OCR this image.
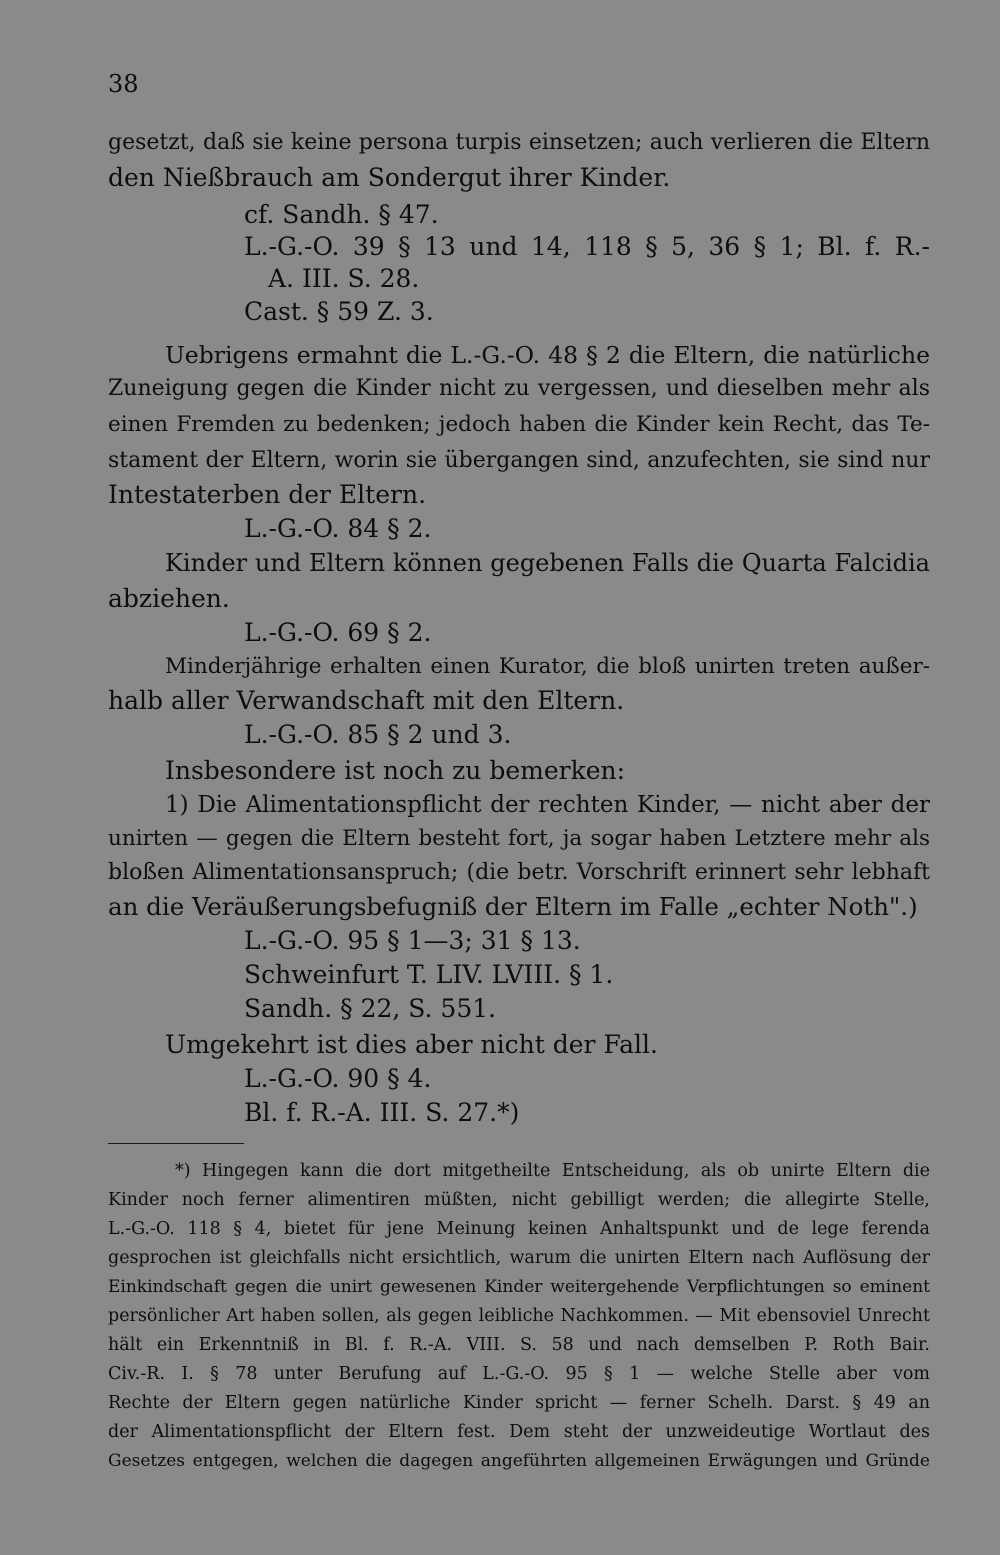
38
gesetzt, daß sie keine persona turpis einsetzen; auch verlieren die Eltern
den Nießbrauch am Sondergut ihrer Kinder.
cf. Sandh. § 47.
L.-G.-O. 39 § 13 und 14, 118 § 5, 36 § 1; Bl. f. R.-
A. III. S. 28.
Cast. § 59 Z. 3.
Uebrigens ermahnt die L.-G.-O. 48 § 2 die Eltern, die natürliche
Zuneigung gegen die Kinder nicht zu vergessen, und dieselben mehr als
einen Fremden zu bedenken; jedoch haben die Kinder kein Recht, das Te-
stament der Eltern, worin sie übergangen sind, anzufechten, sie sind nur
Intestaterben der Eltern.
L.-G.-O. 84 § 2.
Kinder und Eltern können gegebenen Falls die Quarta Falcidia
abziehen.
L.-G.-O. 69 § 2.
Minderjährige erhalten einen Kurator, die bloß unirten treten außer-
halb aller Verwandschaft mit den Eltern.
L.-G.-O. 85 § 2 und 3.
Insbesondere ist noch zu bemerken:
1) Die Alimentationspflicht der rechten Kinder, — nicht aber der
unirten — gegen die Eltern besteht fort, ja sogar haben Letztere mehr als
bloßen Alimentationsanspruch; (die betr. Vorschrift erinnert sehr lebhaft
an die Veräußerungsbefugniß der Eltern im Falle „echter Noth".)
L.-G.-O. 95 § 1—3; 31 § 13.
Schweinfurt T. LIV. LVIII. § 1.
Sandh. § 22, S. 551.
Umgekehrt ist dies aber nicht der Fall.
L.-G.-O. 90 § 4.
Bl. f. R.-A. III. S. 27.*)
*) Hingegen kann die dort mitgetheilte Entscheidung, als ob unirte Eltern die
Kinder noch ferner alimentiren müßten, nicht gebilligt werden; die allegirte Stelle,
L.-G.-O. 118 § 4, bietet für jene Meinung keinen Anhaltspunkt und de lege ferenda
gesprochen ist gleichfalls nicht ersichtlich, warum die unirten Eltern nach Auflösung der
Einkindschaft gegen die unirt gewesenen Kinder weitergehende Verpflichtungen so eminent
persönlicher Art haben sollen, als gegen leibliche Nachkommen. — Mit ebensoviel Unrecht
hält ein Erkenntniß in Bl. f. R.-A. VIII. S. 58 und nach demselben P. Roth Bair.
Civ.-R. I. § 78 unter Berufung auf L.-G.-O. 95 § 1 — welche Stelle aber vom
Rechte der Eltern gegen natürliche Kinder spricht — ferner Schelh. Darst. § 49 an
der Alimentationspflicht der Eltern fest. Dem steht der unzweideutige Wortlaut des
Gesetzes entgegen, welchen die dagegen angeführten allgemeinen Erwägungen und Gründe
